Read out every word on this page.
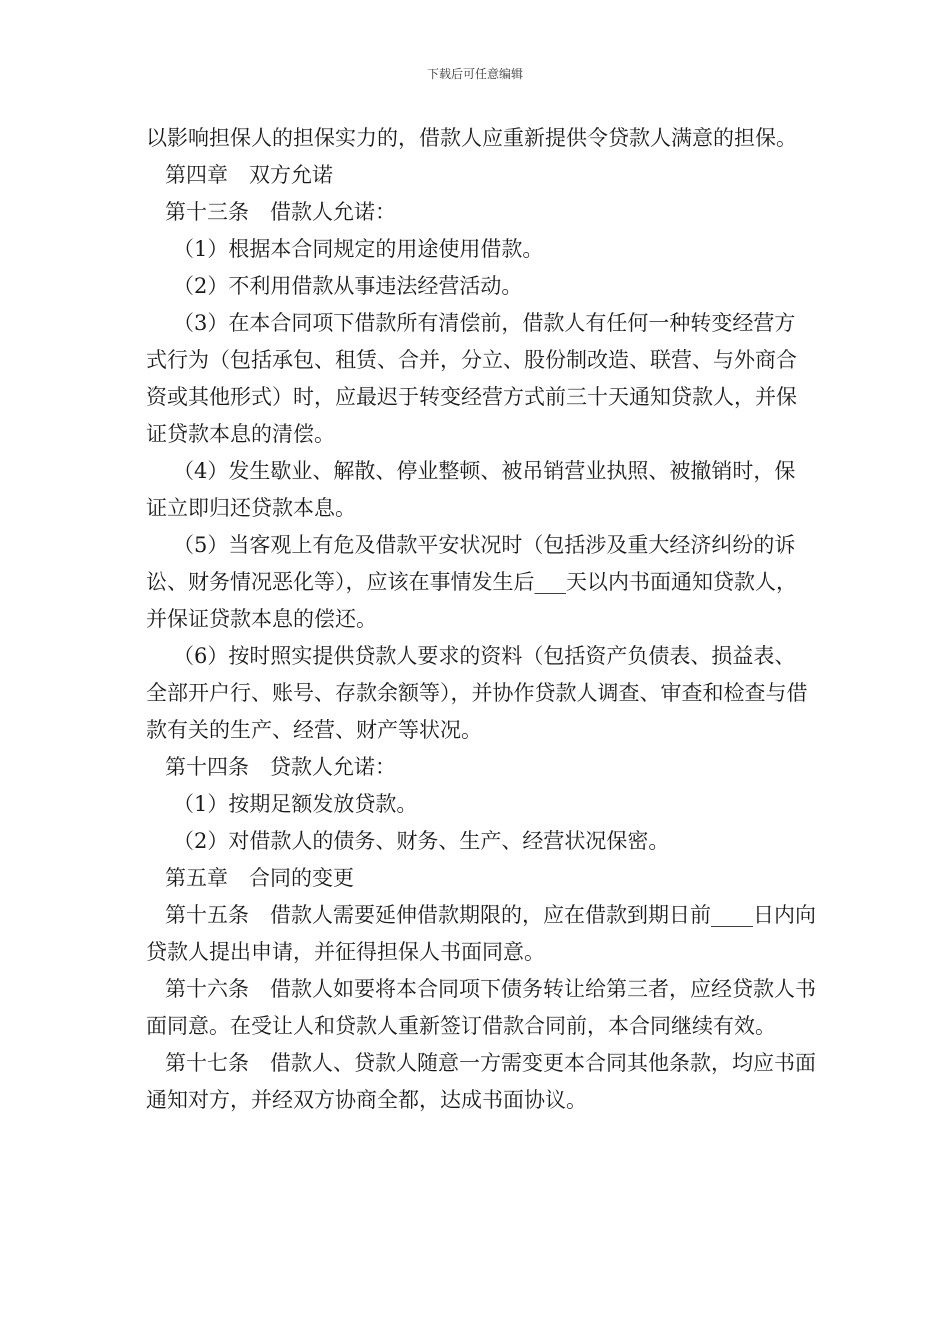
下载后可任意编辑

以影响担保人的担保实力的，借款人应重新提供令贷款人满意的担保。

第四章　双方允诺

第十三条　借款人允诺：

（1）根据本合同规定的用途使用借款。

（2）不利用借款从事违法经营活动。

（3）在本合同项下借款所有清偿前，借款人有任何一种转变经营方式行为（包括承包、租赁、合并，分立、股份制改造、联营、与外商合资或其他形式）时，应最迟于转变经营方式前三十天通知贷款人，并保证贷款本息的清偿。

（4）发生歇业、解散、停业整顿、被吊销营业执照、被撤销时，保证立即归还贷款本息。

（5）当客观上有危及借款平安状况时（包括涉及重大经济纠纷的诉讼、财务情况恶化等），应该在事情发生后___天以内书面通知贷款人，并保证贷款本息的偿还。

（6）按时照实提供贷款人要求的资料（包括资产负债表、损益表、全部开户行、账号、存款余额等），并协作贷款人调查、审查和检查与借款有关的生产、经营、财产等状况。

第十四条　贷款人允诺：

（1）按期足额发放贷款。

（2）对借款人的债务、财务、生产、经营状况保密。

第五章　合同的变更

第十五条　借款人需要延伸借款期限的，应在借款到期日前____日内向贷款人提出申请，并征得担保人书面同意。

第十六条　借款人如要将本合同项下债务转让给第三者，应经贷款人书面同意。在受让人和贷款人重新签订借款合同前，本合同继续有效。

第十七条　借款人、贷款人随意一方需变更本合同其他条款，均应书面通知对方，并经双方协商全都，达成书面协议。
